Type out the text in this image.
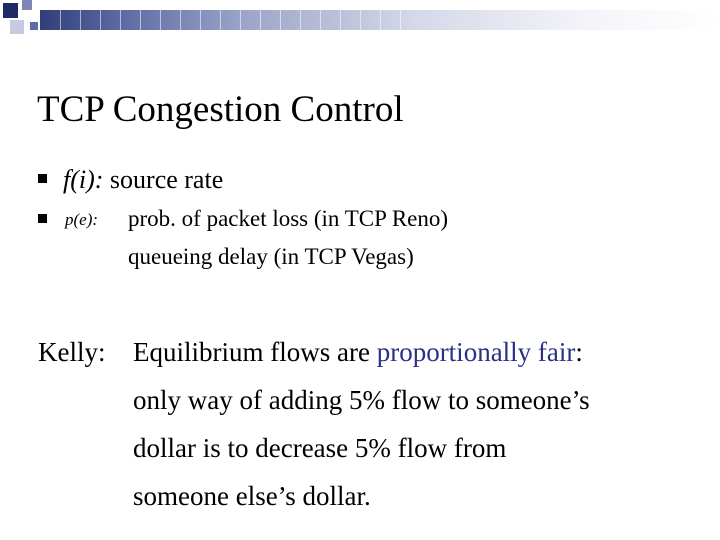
TCP Congestion Control
f(i): source rate
p(e): prob. of packet loss (in TCP Reno)
queueing delay (in TCP Vegas)
Kelly: Equilibrium flows are proportionally fair:
only way of adding 5% flow to someone’s
dollar is to decrease 5% flow from
someone else’s dollar.
